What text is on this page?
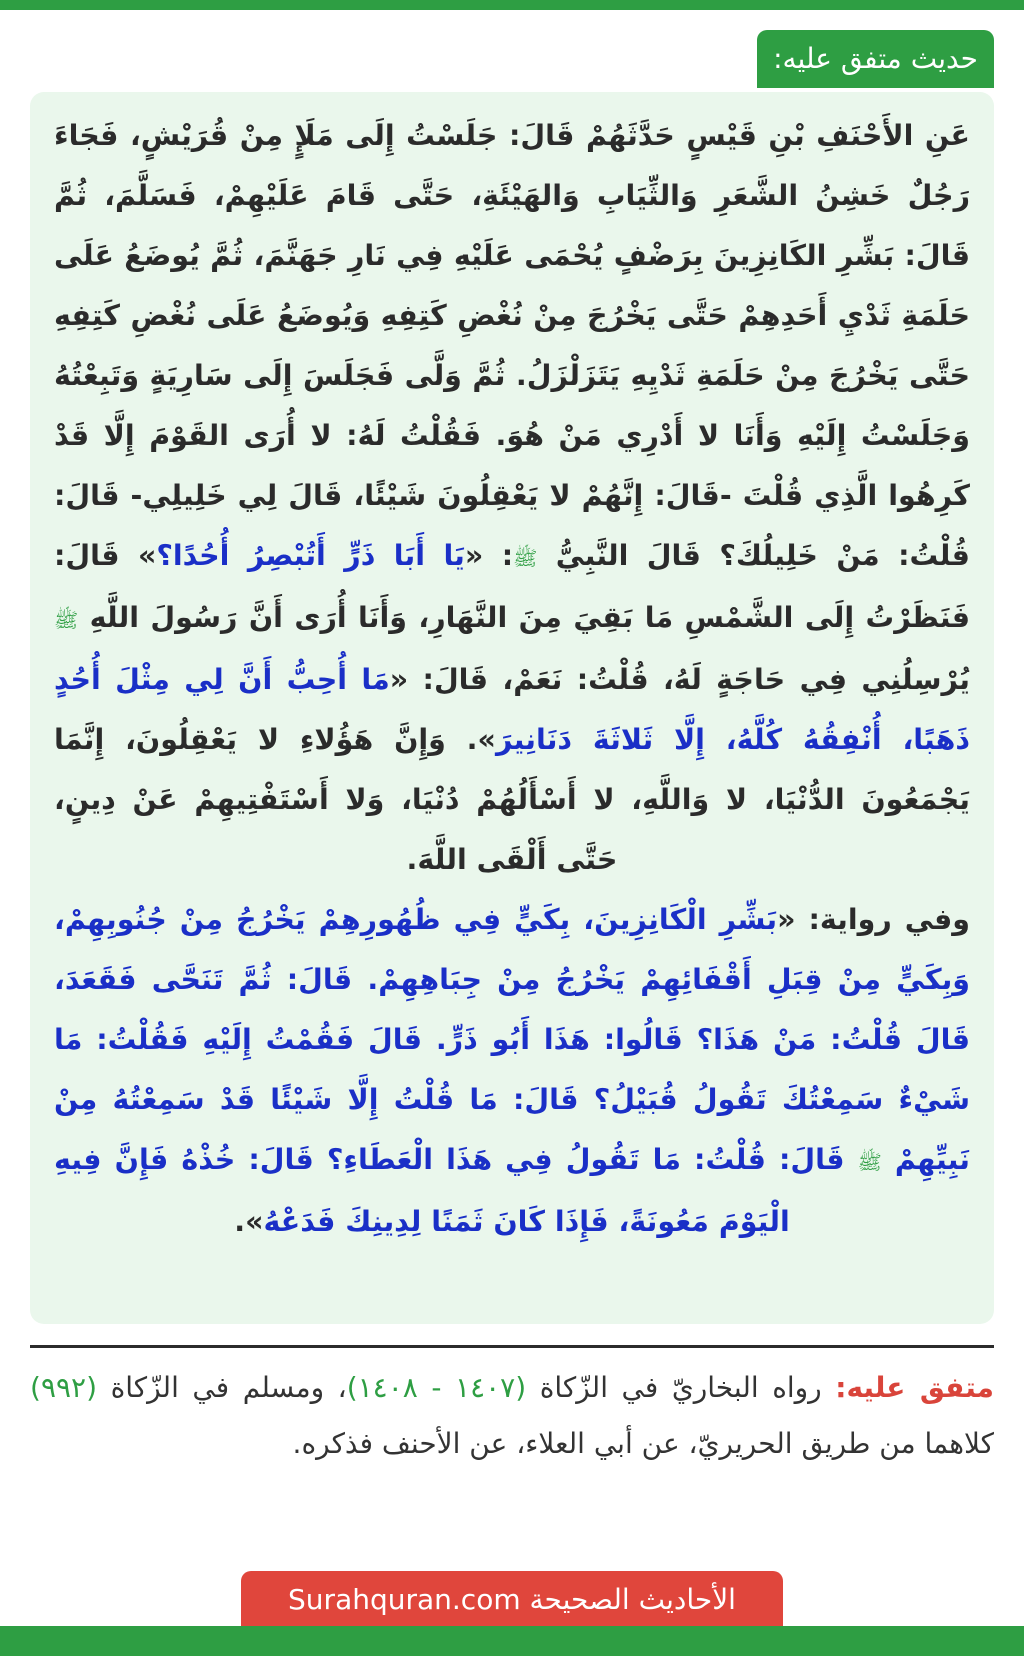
حديث متفق عليه:

عَنِ الأَحْنَفِ بْنِ قَيْسٍ حَدَّثَهُمْ قَالَ: جَلَسْتُ إِلَى مَلَإٍ مِنْ قُرَيْشٍ، فَجَاءَ رَجُلٌ خَشِنُ الشَّعَرِ وَالثِّيَابِ وَالهَيْئَةِ، حَتَّى قَامَ عَلَيْهِمْ، فَسَلَّمَ، ثُمَّ قَالَ: بَشِّرِ الكَانِزِينَ بِرَضْفٍ يُحْمَى عَلَيْهِ فِي نَارِ جَهَنَّمَ، ثُمَّ يُوضَعُ عَلَى حَلَمَةِ ثَدْيِ أَحَدِهِمْ حَتَّى يَخْرُجَ مِنْ نُغْضِ كَتِفِهِ وَيُوضَعُ عَلَى نُغْضِ كَتِفِهِ حَتَّى يَخْرُجَ مِنْ حَلَمَةِ ثَدْيِهِ يَتَزَلْزَلُ. ثُمَّ وَلَّى فَجَلَسَ إِلَى سَارِيَةٍ وَتَبِعْتُهُ وَجَلَسْتُ إِلَيْهِ وَأَنَا لا أَدْرِي مَنْ هُوَ. فَقُلْتُ لَهُ: لا أُرَى القَوْمَ إِلَّا قَدْ كَرِهُوا الَّذِي قُلْتَ -قَالَ: إِنَّهُمْ لا يَعْقِلُونَ شَيْئًا، قَالَ لِي خَلِيلِي- قَالَ: قُلْتُ: مَنْ خَلِيلُكَ؟ قَالَ النَّبِيُّ ﷺ: «يَا أَبَا ذَرٍّ أَتُبْصِرُ أُحُدًا؟» قَالَ: فَنَظَرْتُ إِلَى الشَّمْسِ مَا بَقِيَ مِنَ النَّهَارِ، وَأَنَا أُرَى أَنَّ رَسُولَ اللَّهِ ﷺ يُرْسِلُنِي فِي حَاجَةٍ لَهُ، قُلْتُ: نَعَمْ، قَالَ: «مَا أُحِبُّ أَنَّ لِي مِثْلَ أُحُدٍ ذَهَبًا، أُنْفِقُهُ كُلَّهُ، إِلَّا ثَلاثَةَ دَنَانِيرَ». وَإِنَّ هَؤُلاءِ لا يَعْقِلُونَ، إِنَّمَا يَجْمَعُونَ الدُّنْيَا، لا وَاللَّهِ، لا أَسْأَلُهُمْ دُنْيَا، وَلا أَسْتَفْتِيهِمْ عَنْ دِينٍ، حَتَّى أَلْقَى اللَّهَ.

وفي رواية: «بَشِّرِ الْكَانِزِينَ، بِكَيٍّ فِي ظُهُورِهِمْ يَخْرُجُ مِنْ جُنُوبِهِمْ، وَبِكَيٍّ مِنْ قِبَلِ أَقْفَائِهِمْ يَخْرُجُ مِنْ جِبَاهِهِمْ. قَالَ: ثُمَّ تَنَحَّى فَقَعَدَ، قَالَ قُلْتُ: مَنْ هَذَا؟ قَالُوا: هَذَا أَبُو ذَرٍّ. قَالَ فَقُمْتُ إِلَيْهِ فَقُلْتُ: مَا شَيْءٌ سَمِعْتُكَ تَقُولُ قُبَيْلُ؟ قَالَ: مَا قُلْتُ إِلَّا شَيْئًا قَدْ سَمِعْتُهُ مِنْ نَبِيِّهِمْ ﷺ قَالَ: قُلْتُ: مَا تَقُولُ فِي هَذَا الْعَطَاءِ؟ قَالَ: خُذْهُ فَإِنَّ فِيهِ الْيَوْمَ مَعُونَةً، فَإِذَا كَانَ ثَمَنًا لِدِينِكَ فَدَعْهُ».

متفق عليه: رواه البخاريّ في الزّكاة (١٤٠٧ - ١٤٠٨)، ومسلم في الزّكاة (٩٩٢) كلاهما من طريق الحريريّ، عن أبي العلاء، عن الأحنف فذكره.

الأحاديث الصحيحة Surahquran.com
